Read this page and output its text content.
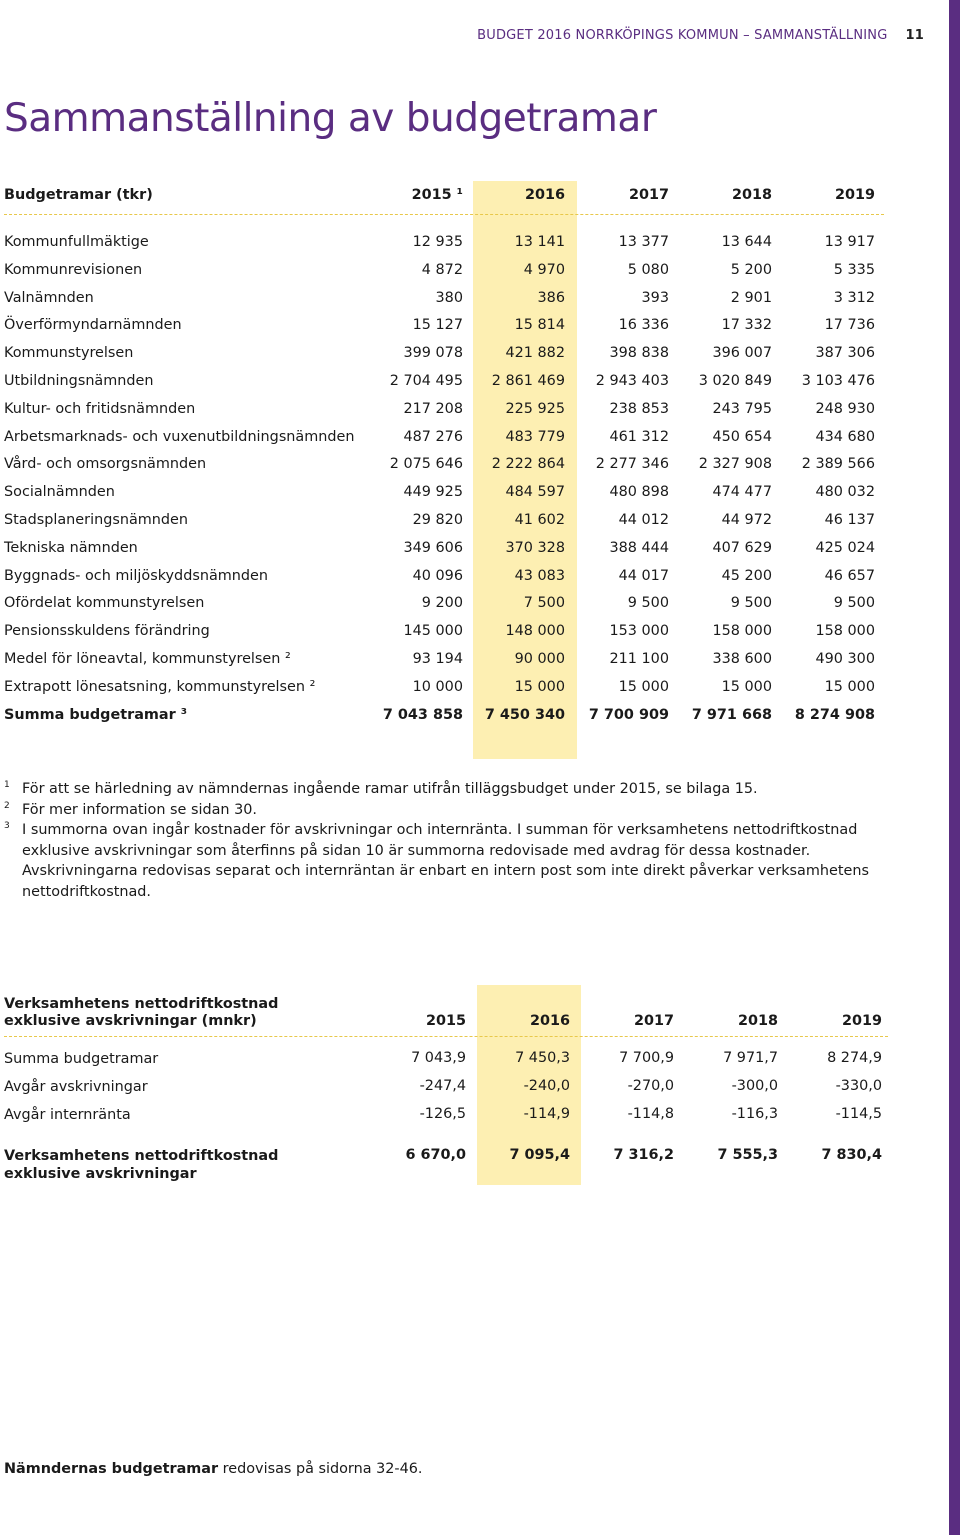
BUDGET 2016 NORRKÖPINGS KOMMUN – SAMMANSTÄLLNING 11
Sammanställning av budgetramar
Budgetramar (tkr)	2015 ¹	2016	2017	2018	2019
Kommunfullmäktige	12 935	13 141	13 377	13 644	13 917
Kommunrevisionen	4 872	4 970	5 080	5 200	5 335
Valnämnden	380	386	393	2 901	3 312
Överförmyndarnämnden	15 127	15 814	16 336	17 332	17 736
Kommunstyrelsen	399 078	421 882	398 838	396 007	387 306
Utbildningsnämnden	2 704 495	2 861 469	2 943 403	3 020 849	3 103 476
Kultur- och fritidsnämnden	217 208	225 925	238 853	243 795	248 930
Arbetsmarknads- och vuxenutbildningsnämnden	487 276	483 779	461 312	450 654	434 680
Vård- och omsorgsnämnden	2 075 646	2 222 864	2 277 346	2 327 908	2 389 566
Socialnämnden	449 925	484 597	480 898	474 477	480 032
Stadsplaneringsnämnden	29 820	41 602	44 012	44 972	46 137
Tekniska nämnden	349 606	370 328	388 444	407 629	425 024
Byggnads- och miljöskyddsnämnden	40 096	43 083	44 017	45 200	46 657
Ofördelat kommunstyrelsen	9 200	7 500	9 500	9 500	9 500
Pensionsskuldens förändring	145 000	148 000	153 000	158 000	158 000
Medel för löneavtal, kommunstyrelsen ²	93 194	90 000	211 100	338 600	490 300
Extrapott lönesatsning, kommunstyrelsen ²	10 000	15 000	15 000	15 000	15 000
Summa budgetramar ³	7 043 858	7 450 340	7 700 909	7 971 668	8 274 908
1 För att se härledning av nämndernas ingående ramar utifrån tilläggsbudget under 2015, se bilaga 15.
2 För mer information se sidan 30.
3 I summorna ovan ingår kostnader för avskrivningar och internränta. I summan för verksamhetens nettodriftkostnad exklusive avskrivningar som återfinns på sidan 10 är summorna redovisade med avdrag för dessa kostnader. Avskrivningarna redovisas separat och internräntan är enbart en intern post som inte direkt påverkar verksamhetens nettodriftkostnad.
Verksamhetens nettodriftkostnad
exklusive avskrivningar (mnkr)	2015	2016	2017	2018	2019
Summa budgetramar	7 043,9	7 450,3	7 700,9	7 971,7	8 274,9
Avgår avskrivningar	-247,4	-240,0	-270,0	-300,0	-330,0
Avgår internränta	-126,5	-114,9	-114,8	-116,3	-114,5
Verksamhetens nettodriftkostnad
exklusive avskrivningar
6 670,0	7 095,4	7 316,2	7 555,3	7 830,4
Nämndernas budgetramar redovisas på sidorna 32-46.
